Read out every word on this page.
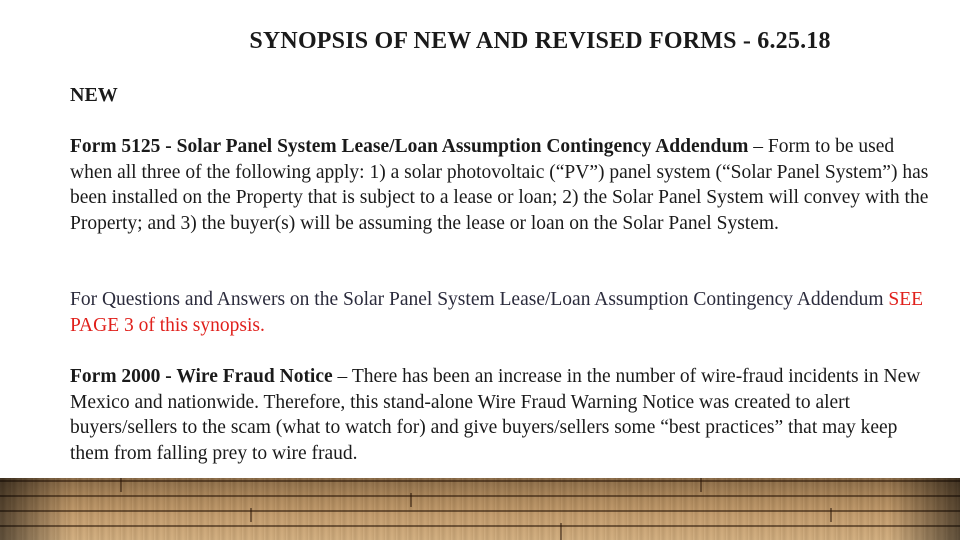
SYNOPSIS OF NEW AND REVISED FORMS - 6.25.18
NEW
Form 5125 - Solar Panel System Lease/Loan Assumption Contingency Addendum – Form to be used when all three of the following apply: 1) a solar photovoltaic (“PV”) panel system (“Solar Panel System”) has been installed on the Property that is subject to a lease or loan; 2) the Solar Panel System will convey with the Property; and 3) the buyer(s) will be assuming the lease or loan on the Solar Panel System.
For Questions and Answers on the Solar Panel System Lease/Loan Assumption Contingency Addendum SEE PAGE 3 of this synopsis.
Form 2000 - Wire Fraud Notice – There has been an increase in the number of wire-fraud incidents in New Mexico and nationwide. Therefore, this stand-alone Wire Fraud Warning Notice was created to alert buyers/sellers to the scam (what to watch for) and give buyers/sellers some “best practices” that may keep them from falling prey to wire fraud.
